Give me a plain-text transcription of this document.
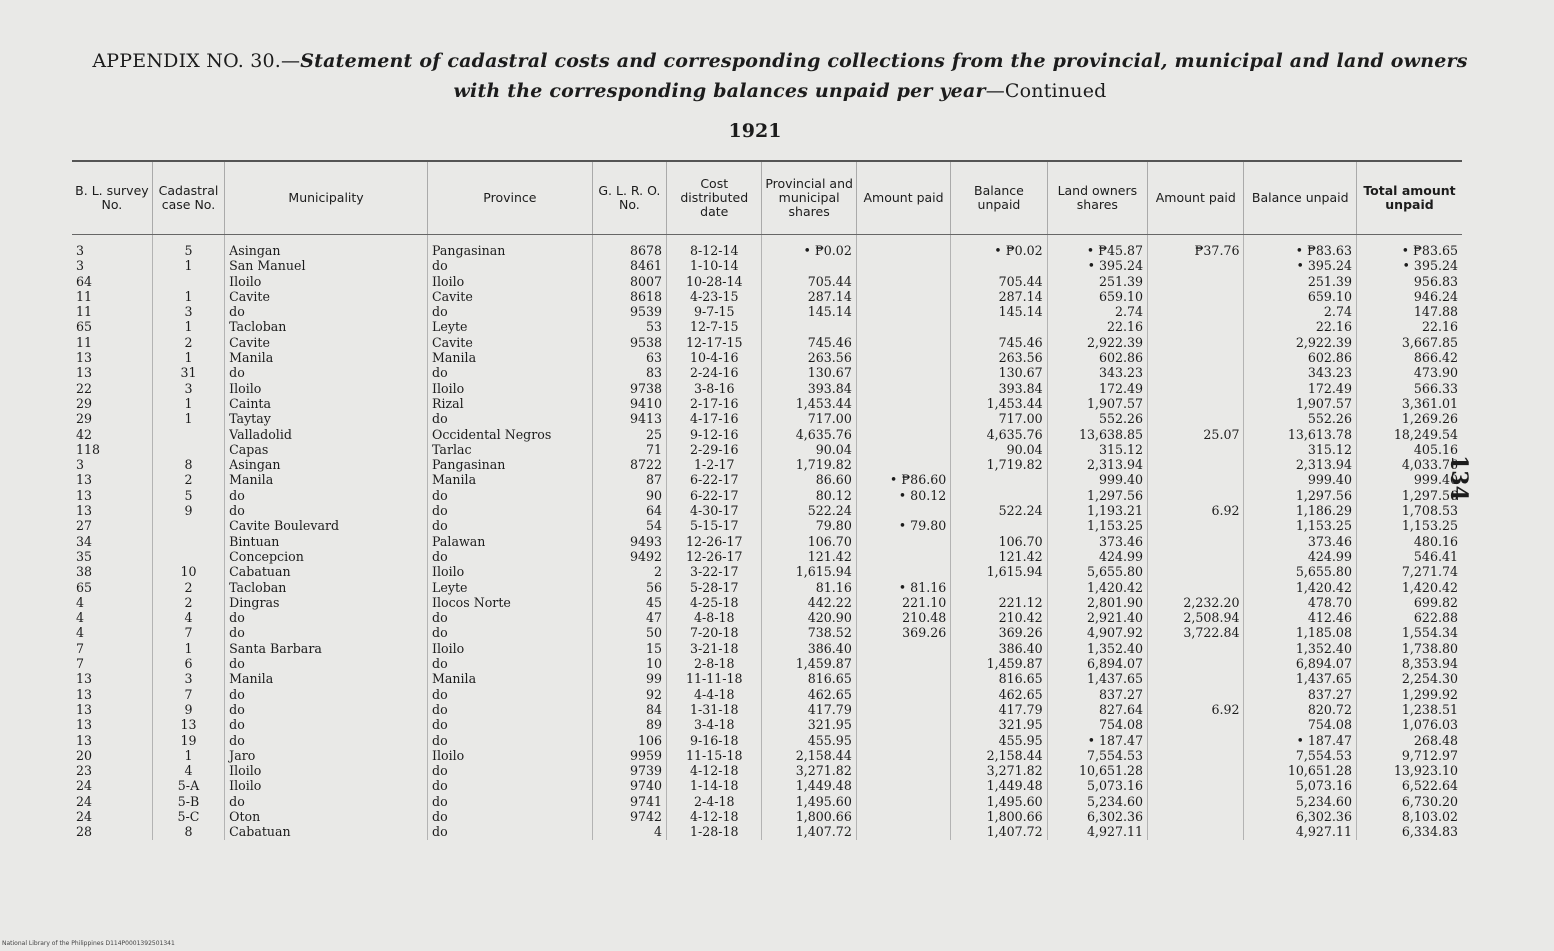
APPENDIX NO. 30.—Statement of cadastral costs and corresponding collections from the provincial, municipal and land owners
with the corresponding balances unpaid per year—Continued
1921
B. L. survey No.	Cadastral case No.	Municipality	Province	G. L. R. O. No.	Cost distributed date	Provincial and municipal shares	Amount paid	Balance unpaid	Land owners shares	Amount paid	Balance unpaid	Total amount unpaid
3	5	Asingan	Pangasinan	8678	8-12-14	• ₱0.02		• ₱0.02	• ₱45.87	₱37.76	• ₱83.63	• ₱83.65
3	1	San Manuel	do	8461	1-10-14				• 395.24		• 395.24	• 395.24
64		Iloilo	Iloilo	8007	10-28-14	705.44		705.44	251.39		251.39	956.83
11	1	Cavite	Cavite	8618	4-23-15	287.14		287.14	659.10		659.10	946.24
11	3	do	do	9539	9-7-15	145.14		145.14	2.74		2.74	147.88
65	1	Tacloban	Leyte	53	12-7-15				22.16		22.16	22.16
11	2	Cavite	Cavite	9538	12-17-15	745.46		745.46	2,922.39		2,922.39	3,667.85
13	1	Manila	Manila	63	10-4-16	263.56		263.56	602.86		602.86	866.42
13	31	do	do	83	2-24-16	130.67		130.67	343.23		343.23	473.90
22	3	Iloilo	Iloilo	9738	3-8-16	393.84		393.84	172.49		172.49	566.33
29	1	Cainta	Rizal	9410	2-17-16	1,453.44		1,453.44	1,907.57		1,907.57	3,361.01
29	1	Taytay	do	9413	4-17-16	717.00		717.00	552.26		552.26	1,269.26
42		Valladolid	Occidental Negros	25	9-12-16	4,635.76		4,635.76	13,638.85	25.07	13,613.78	18,249.54
118		Capas	Tarlac	71	2-29-16	90.04		90.04	315.12		315.12	405.16
3	8	Asingan	Pangasinan	8722	1-2-17	1,719.82		1,719.82	2,313.94		2,313.94	4,033.76
13	2	Manila	Manila	87	6-22-17	86.60	• ₱86.60		999.40		999.40	999.40
13	5	do	do	90	6-22-17	80.12	• 80.12		1,297.56		1,297.56	1,297.56
13	9	do	do	64	4-30-17	522.24		522.24	1,193.21	6.92	1,186.29	1,708.53
27		Cavite Boulevard	do	54	5-15-17	79.80	• 79.80		1,153.25		1,153.25	1,153.25
34		Bintuan	Palawan	9493	12-26-17	106.70		106.70	373.46		373.46	480.16
35		Concepcion	do	9492	12-26-17	121.42		121.42	424.99		424.99	546.41
38	10	Cabatuan	Iloilo	2	3-22-17	1,615.94		1,615.94	5,655.80		5,655.80	7,271.74
65	2	Tacloban	Leyte	56	5-28-17	81.16	• 81.16		1,420.42		1,420.42	1,420.42
4	2	Dingras	Ilocos Norte	45	4-25-18	442.22	221.10	221.12	2,801.90	2,232.20	478.70	699.82
4	4	do	do	47	4-8-18	420.90	210.48	210.42	2,921.40	2,508.94	412.46	622.88
4	7	do	do	50	7-20-18	738.52	369.26	369.26	4,907.92	3,722.84	1,185.08	1,554.34
7	1	Santa Barbara	Iloilo	15	3-21-18	386.40		386.40	1,352.40		1,352.40	1,738.80
7	6	do	do	10	2-8-18	1,459.87		1,459.87	6,894.07		6,894.07	8,353.94
13	3	Manila	Manila	99	11-11-18	816.65		816.65	1,437.65		1,437.65	2,254.30
13	7	do	do	92	4-4-18	462.65		462.65	837.27		837.27	1,299.92
13	9	do	do	84	1-31-18	417.79		417.79	827.64	6.92	820.72	1,238.51
13	13	do	do	89	3-4-18	321.95		321.95	754.08		754.08	1,076.03
13	19	do	do	106	9-16-18	455.95		455.95	• 187.47		• 187.47	268.48
20	1	Jaro	Iloilo	9959	11-15-18	2,158.44		2,158.44	7,554.53		7,554.53	9,712.97
23	4	Iloilo	do	9739	4-12-18	3,271.82		3,271.82	10,651.28		10,651.28	13,923.10
24	5-A	Iloilo	do	9740	1-14-18	1,449.48		1,449.48	5,073.16		5,073.16	6,522.64
24	5-B	do	do	9741	2-4-18	1,495.60		1,495.60	5,234.60		5,234.60	6,730.20
24	5-C	Oton	do	9742	4-12-18	1,800.66		1,800.66	6,302.36		6,302.36	8,103.02
28	8	Cabatuan	do	4	1-28-18	1,407.72		1,407.72	4,927.11		4,927.11	6,334.83
134
National Library of the Philippines D114P0001392501341
